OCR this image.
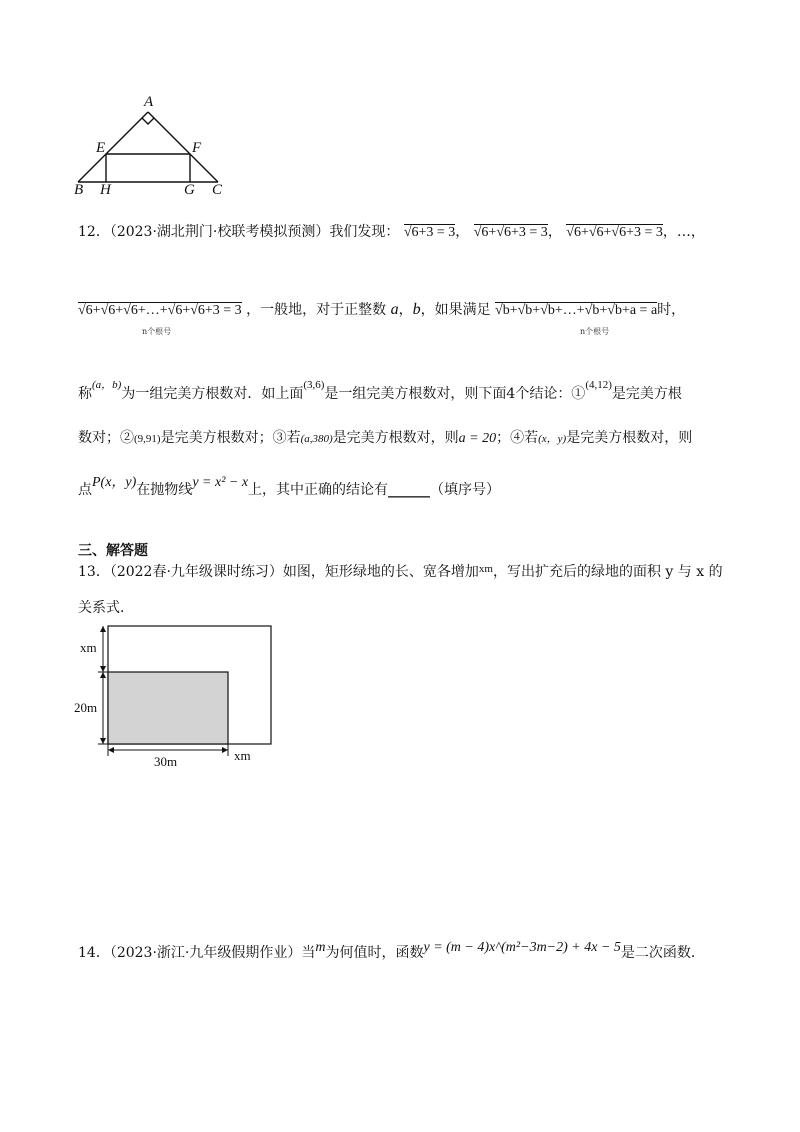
A
E	F
B H	G C
12．（2023·湖北荆门·校联考模拟预测）我们发现： √6+3 = 3， √6+√6+3 = 3， √6+√6+√6+3 = 3，…，
√6+√6+√6+…+√6+√6+3 = 3 ，一般地，对于正整数 a，b，如果满足 √b+√b+√b+…+√b+√b+a = a时，
n个根号	n个根号
称$^{(a,b)}$为一组完美方根数对．如上面$^{(3,6)}$是一组完美方根数对，则下面4个结论：①$^{(4,12)}$是完美方根
数对；②(9,91)是完美方根数对；③若(a,380)是完美方根数对，则a = 20；④若(x，y)是完美方根数对，则
点P(x，y)在抛物线y = x² − x上，其中正确的结论有______（填序号）
三、解答题
13．（2022春·九年级课时练习）如图，矩形绿地的长、宽各增加$^{xm}$，写出扩充后的绿地的面积 y 与 x 的
关系式．
xm
20m
30m	xm
14．（2023·浙江·九年级假期作业）当m为何值时，函数y = (m − 4)x^(m²−3m−2) + 4x − 5是二次函数．
